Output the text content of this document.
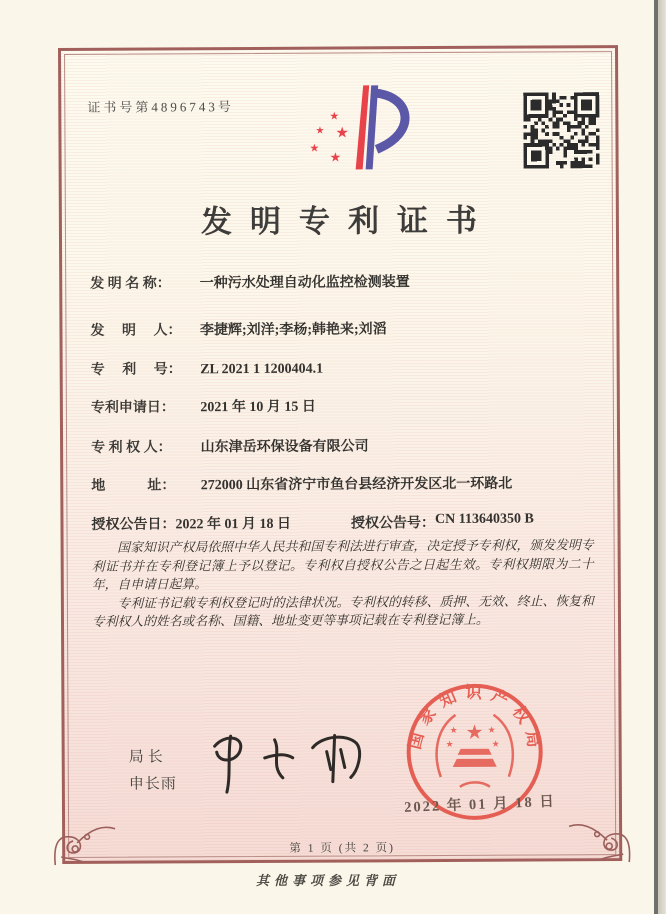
证书号第4896743号
★
★ ★
★
★
发明专利证书
发 明 名 称： 一种污水处理自动化监控检测装置
发　 明 　人： 李捷辉;刘洋;李杨;韩艳来;刘滔
专 　利　 号： ZL 2021 1 1200404.1
专利申请日： 2021 年 10 月 15 日
专 利 权 人： 山东津岳环保设备有限公司
地　　　址： 272000 山东省济宁市鱼台县经济开发区北一环路北
授权公告日： 2022 年 01 月 18 日	授权公告号： CN 113640350 B

国家知识产权局依照中华人民共和国专利法进行审查，决定授予专利权，颁发发明专利证书并在专利登记簿上予以登记。专利权自授权公告之日起生效。专利权期限为二十年，自申请日起算。

专利证书记载专利权登记时的法律状况。专利权的转移、质押、无效、终止、恢复和专利权人的姓名或名称、国籍、地址变更等事项记载在专利登记簿上。

局长
申长雨
国家知识产权局
★
★	★
★	★
2022 年 01 月 18 日
第 1 页 (共 2 页)
其他事项参见背面
